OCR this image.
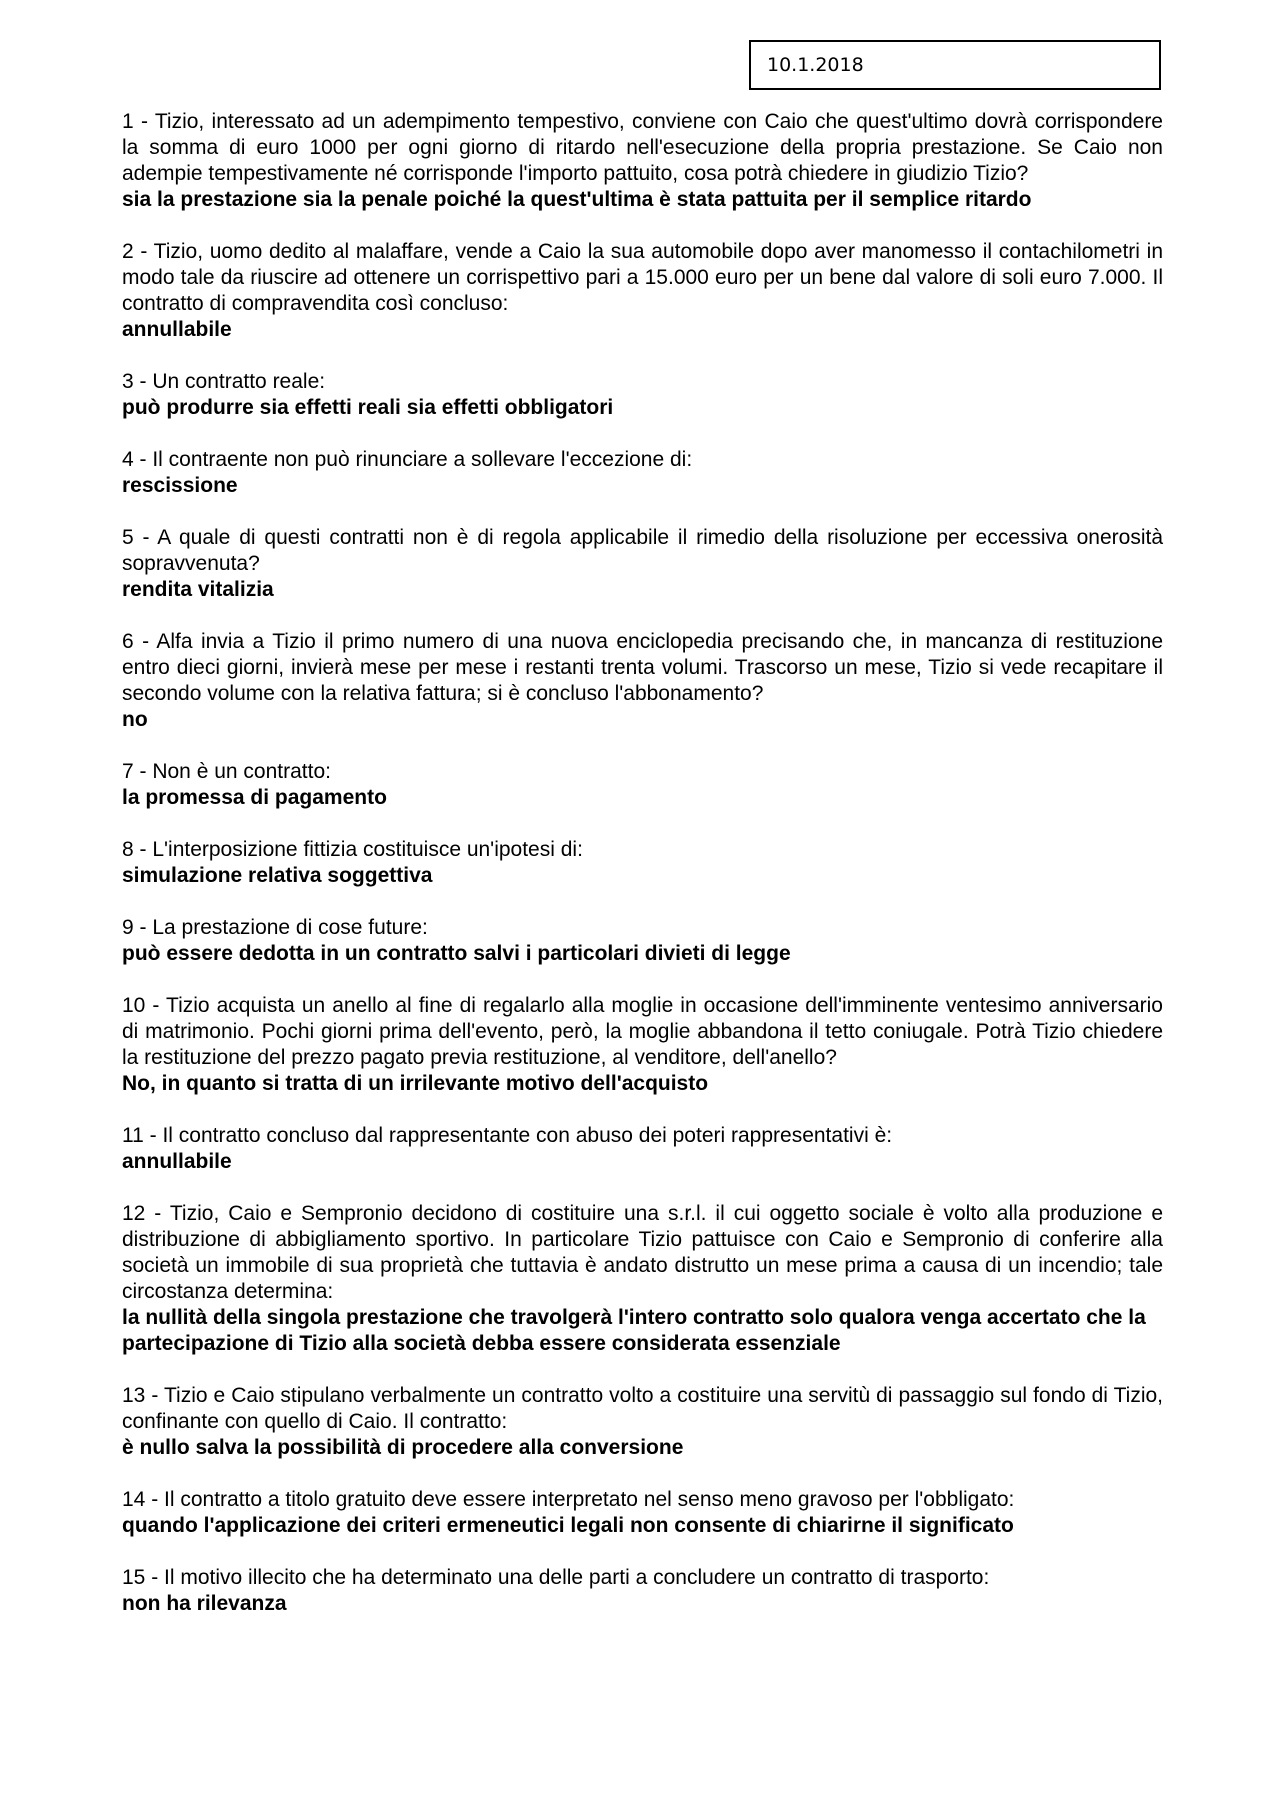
10.1.2018

1 - Tizio, interessato ad un adempimento tempestivo, conviene con Caio che quest'ultimo dovrà corrispondere la somma di euro 1000 per ogni giorno di ritardo nell'esecuzione della propria prestazione. Se Caio non adempie tempestivamente né corrisponde l'importo pattuito, cosa potrà chiedere in giudizio Tizio?

sia la prestazione sia la penale poiché la quest'ultima è stata pattuita per il semplice ritardo

2 - Tizio, uomo dedito al malaffare, vende a Caio la sua automobile dopo aver manomesso il contachilometri in modo tale da riuscire ad ottenere un corrispettivo pari a 15.000 euro per un bene dal valore di soli euro 7.000. Il contratto di compravendita così concluso:

annullabile

3 - Un contratto reale:

può produrre sia effetti reali sia effetti obbligatori

4 - Il contraente non può rinunciare a sollevare l'eccezione di:

rescissione

5 - A quale di questi contratti non è di regola applicabile il rimedio della risoluzione per eccessiva onerosità sopravvenuta?

rendita vitalizia

6 - Alfa invia a Tizio il primo numero di una nuova enciclopedia precisando che, in mancanza di restituzione entro dieci giorni, invierà mese per mese i restanti trenta volumi. Trascorso un mese, Tizio si vede recapitare il secondo volume con la relativa fattura; si è concluso l'abbonamento?

no

7 - Non è un contratto:

la promessa di pagamento

8 - L'interposizione fittizia costituisce un'ipotesi di:

simulazione relativa soggettiva

9 - La prestazione di cose future:

può essere dedotta in un contratto salvi i particolari divieti di legge

10 - Tizio acquista un anello al fine di regalarlo alla moglie in occasione dell'imminente ventesimo anniversario di matrimonio. Pochi giorni prima dell'evento, però, la moglie abbandona il tetto coniugale. Potrà Tizio chiedere la restituzione del prezzo pagato previa restituzione, al venditore, dell'anello?

No, in quanto si tratta di un irrilevante motivo dell'acquisto

11 - Il contratto concluso dal rappresentante con abuso dei poteri rappresentativi è:

annullabile

12 - Tizio, Caio e Sempronio decidono di costituire una s.r.l. il cui oggetto sociale è volto alla produzione e distribuzione di abbigliamento sportivo. In particolare Tizio pattuisce con Caio e Sempronio di conferire alla società un immobile di sua proprietà che tuttavia è andato distrutto un mese prima a causa di un incendio; tale circostanza determina:

la nullità della singola prestazione che travolgerà l'intero contratto solo qualora venga accertato che la partecipazione di Tizio alla società debba essere considerata essenziale

13 - Tizio e Caio stipulano verbalmente un contratto volto a costituire una servitù di passaggio sul fondo di Tizio, confinante con quello di Caio. Il contratto:

è nullo salva la possibilità di procedere alla conversione

14 - Il contratto a titolo gratuito deve essere interpretato nel senso meno gravoso per l'obbligato:

quando l'applicazione dei criteri ermeneutici legali non consente di chiarirne il significato

15 - Il motivo illecito che ha determinato una delle parti a concludere un contratto di trasporto:

non ha rilevanza
